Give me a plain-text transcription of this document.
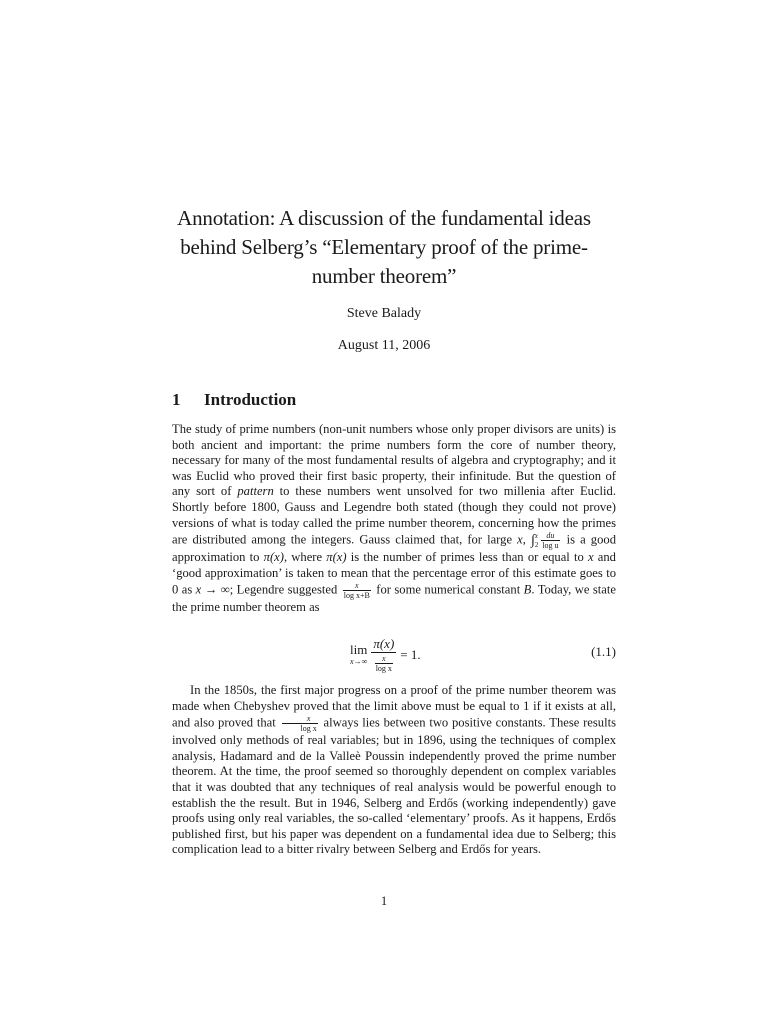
Annotation: A discussion of the fundamental ideas behind Selberg’s “Elementary proof of the prime-number theorem”
Steve Balady
August 11, 2006
1 Introduction
The study of prime numbers (non-unit numbers whose only proper divisors are units) is both ancient and important: the prime numbers form the core of number theory, necessary for many of the most fundamental results of algebra and cryptography; and it was Euclid who proved their first basic property, their infinitude. But the question of any sort of pattern to these numbers went unsolved for two millenia after Euclid. Shortly before 1800, Gauss and Legendre both stated (though they could not prove) versions of what is today called the prime number theorem, concerning how the primes are distributed among the integers. Gauss claimed that, for large x, ∫ x
$2 \frac{du}{\text{log u}}$ is a good approximation to π(x), where π(x) is the number of primes less than or equal to x and ‘good approximation’ is taken to mean that the percentage error of this estimate goes to 0 as x → ∞; Legendre suggested $\frac{x}{\text{log x+B}}$ for some numerical constant B. Today, we state the prime number theorem as
lim
$x\to\infty \frac{\pi(x)}{\frac{x}{\text{log x}}} = 1$.	(1.1)
In the 1850s, the first major progress on a proof of the prime number theorem was made when Chebyshev proved that the limit above must be equal to 1 if it exists at all, and also proved that $\frac{x}{\text{log x}}$ always lies between two positive constants. These results involved only methods of real variables; but in 1896, using the techniques of complex analysis, Hadamard and de la Valleè Poussin independently proved the prime number theorem. At the time, the proof seemed so thoroughly dependent on complex variables that it was doubted that any techniques of real analysis would be powerful enough to establish the the result. But in 1946, Selberg and Erdős (working independently) gave proofs using only real variables, the so-called ‘elementary’ proofs. As it happens, Erdős published first, but his paper was dependent on a fundamental idea due to Selberg; this complication lead to a bitter rivalry between Selberg and Erdős for years.
1
